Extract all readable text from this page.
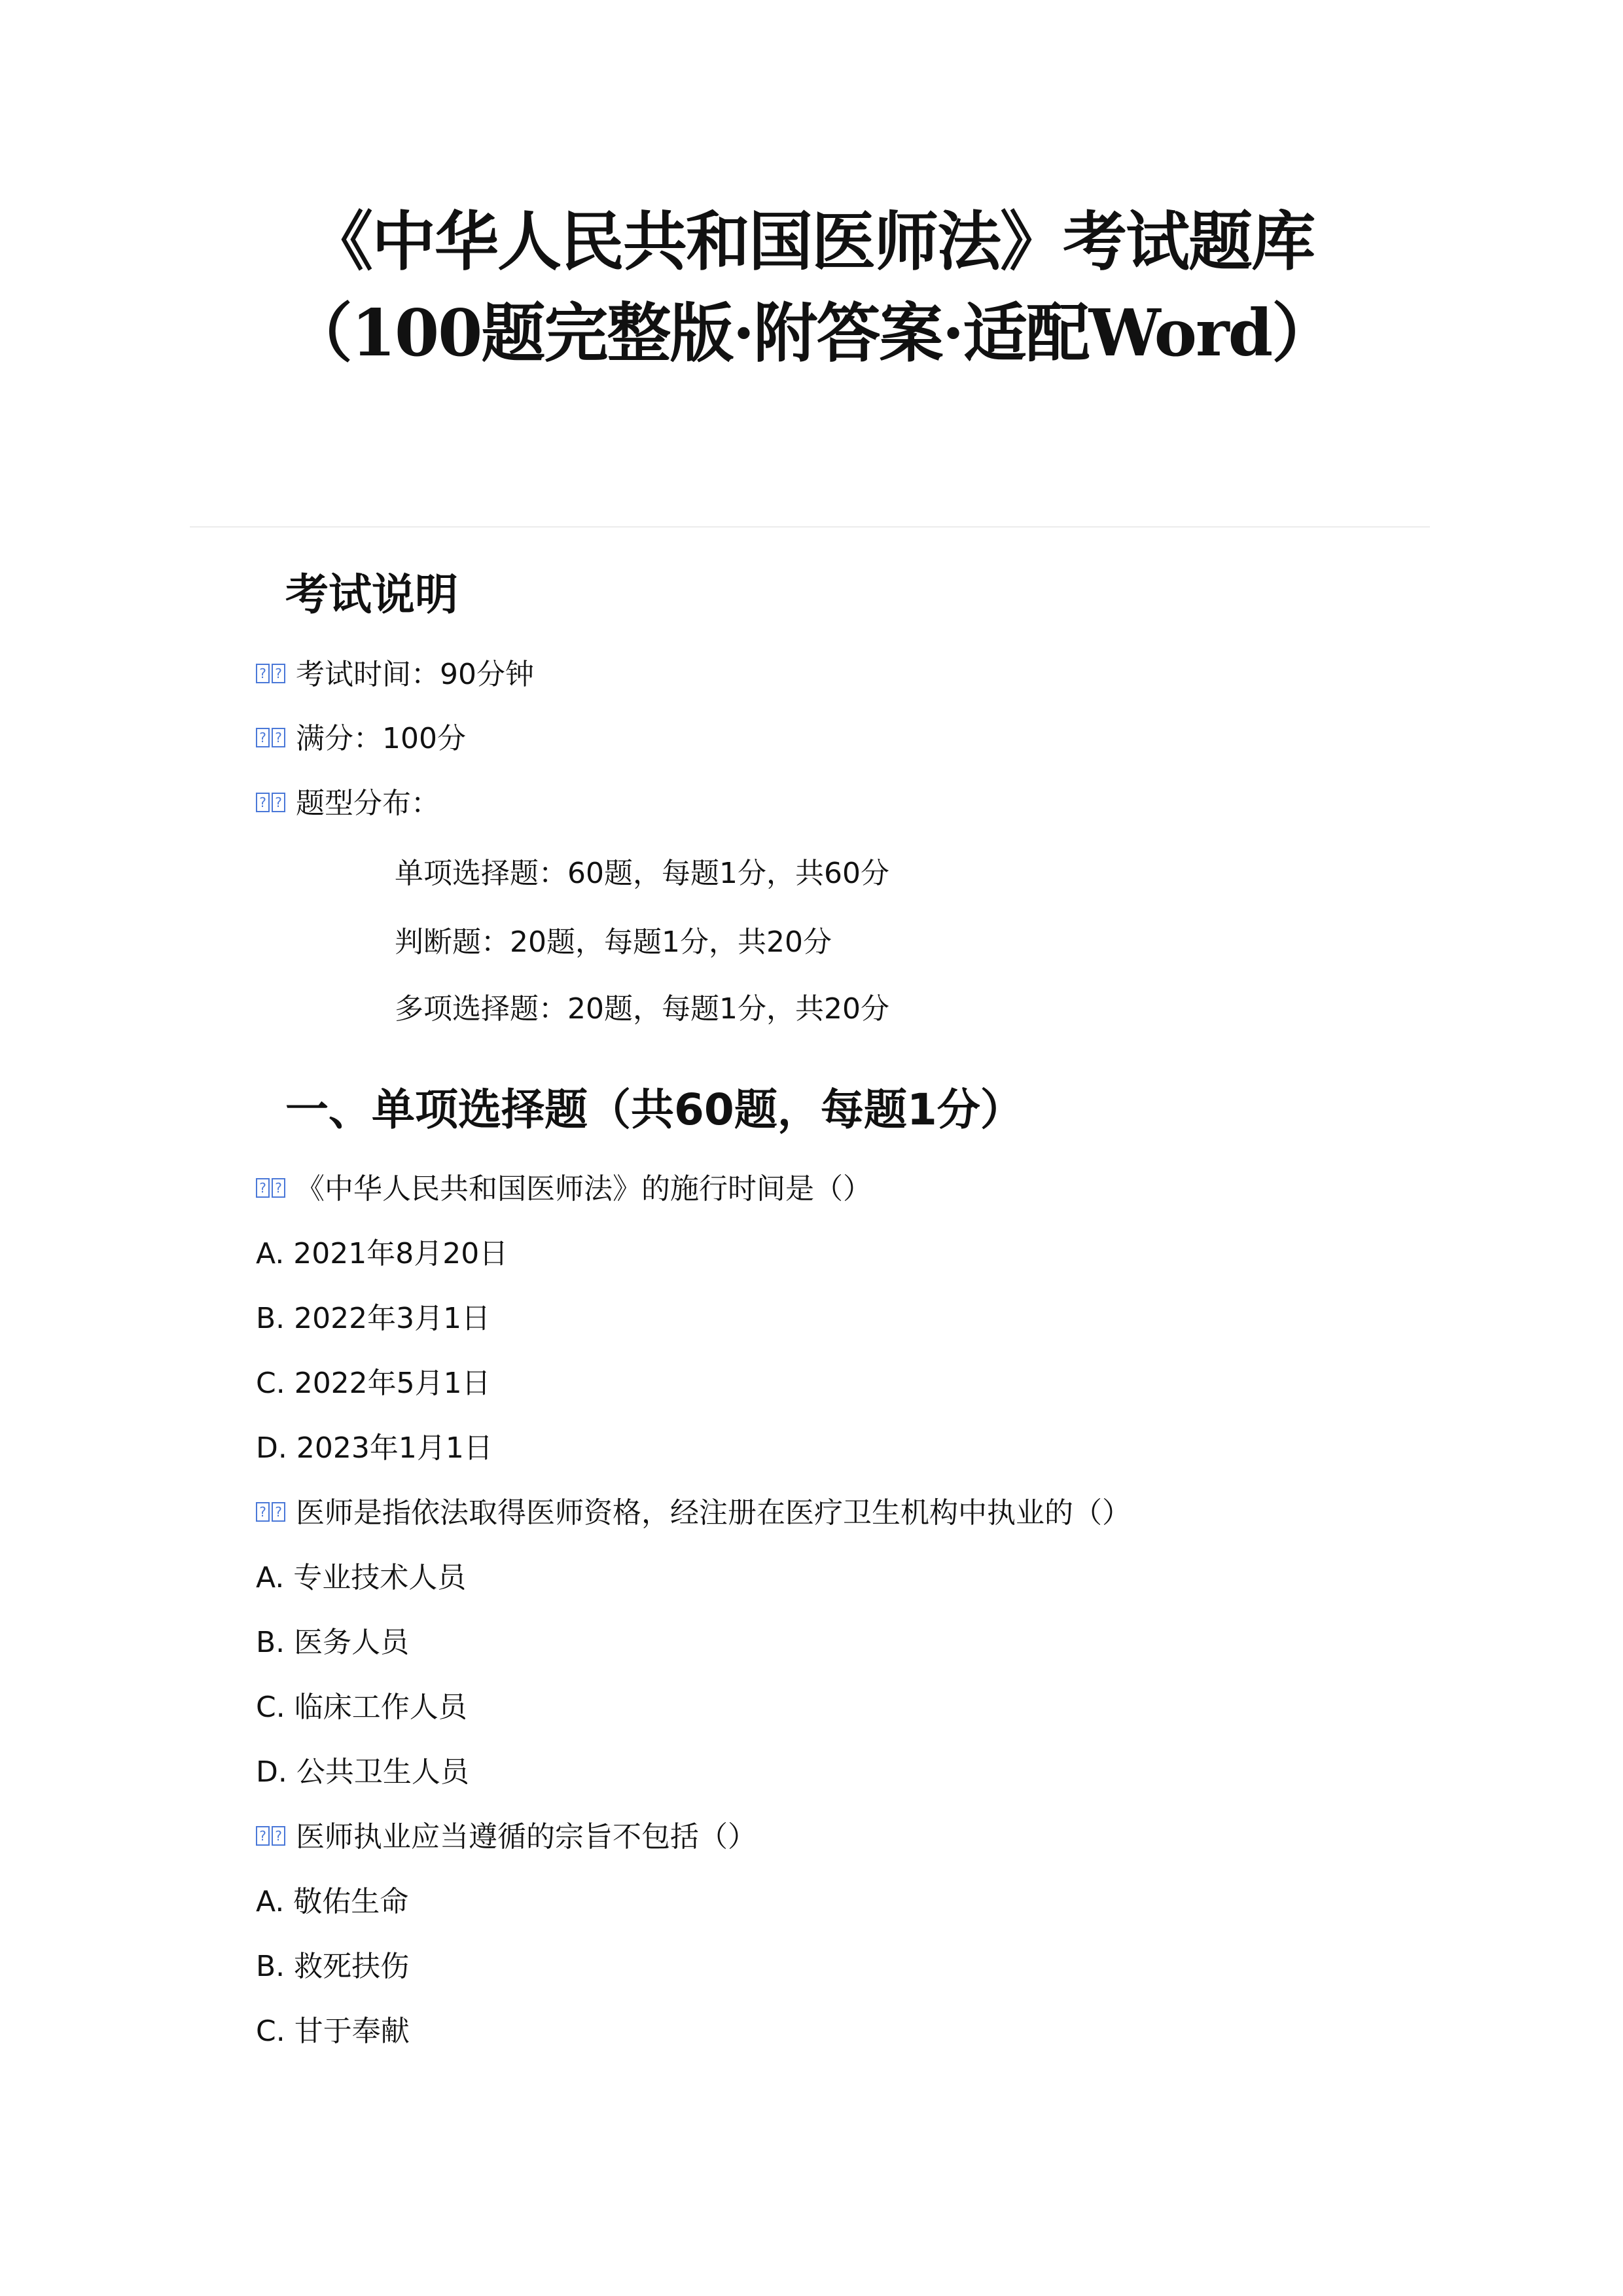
《中华人民共和国医师法》考试题库
（100题完整版·附答案·适配Word）
考试说明
? ? 考试时间：90分钟
? ? 满分：100分
? ? 题型分布：
单项选择题：60题，每题1分，共60分
判断题：20题，每题1分，共20分
多项选择题：20题，每题1分，共20分
一、单项选择题（共60题，每题1分）
? ? 《中华人民共和国医师法》的施行时间是（）
A. 2021年8月20日
B. 2022年3月1日
C. 2022年5月1日
D. 2023年1月1日
? ? 医师是指依法取得医师资格，经注册在医疗卫生机构中执业的（）
A. 专业技术人员
B. 医务人员
C. 临床工作人员
D. 公共卫生人员
? ? 医师执业应当遵循的宗旨不包括（）
A. 敬佑生命
B. 救死扶伤
C. 甘于奉献
